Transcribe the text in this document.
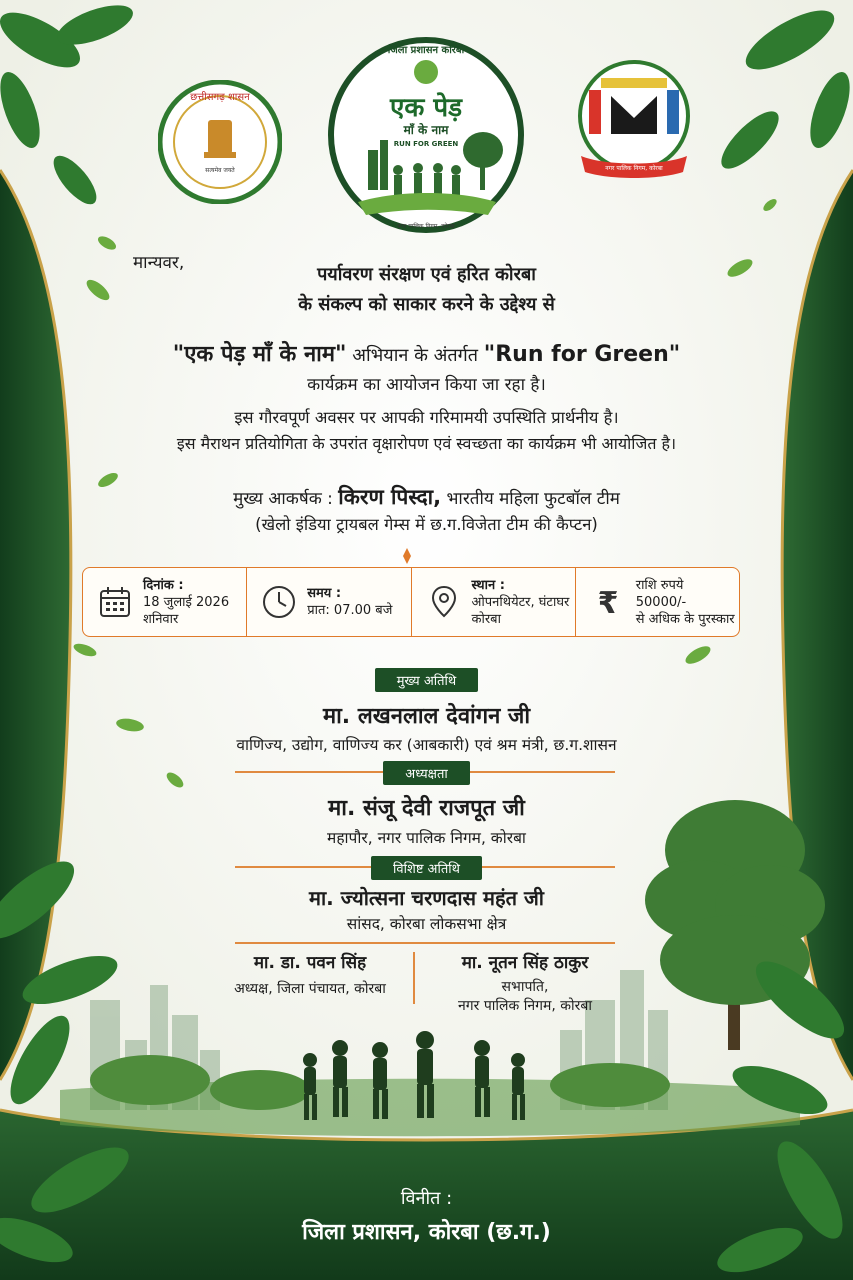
छत्तीसगढ़ शासन
सत्यमेव जयते
जिला प्रशासन कोरबा
एक पेड़
माँ के नाम
RUN FOR GREEN
नगर पालिक निगम, कोरबा
नगर पालिक निगम, कोरबा
मान्यवर,
पर्यावरण संरक्षण एवं हरित कोरबा
के संकल्प को साकार करने के उद्देश्य से
"एक पेड़ माँ के नाम" अभियान के अंतर्गत "Run for Green"
कार्यक्रम का आयोजन किया जा रहा है।
इस गौरवपूर्ण अवसर पर आपकी गरिमामयी उपस्थिति प्रार्थनीय है।
इस मैराथन प्रतियोगिता के उपरांत वृक्षारोपण एवं स्वच्छता का कार्यक्रम भी आयोजित है।
मुख्य आकर्षक : किरण पिस्दा, भारतीय महिला फुटबॉल टीम
(खेलो इंडिया ट्रायबल गेम्स में छ.ग.विजेता टीम की कैप्टन)
दिनांक :
18 जुलाई 2026
शनिवार
समय :
प्रात: 07.00 बजे
स्थान :
ओपनथियेटर, घंटाघर
कोरबा	₹
राशि रुपये
50000/-
से अधिक के पुरस्कार
मुख्य अतिथि
मा. लखनलाल देवांगन जी
वाणिज्य, उद्योग, वाणिज्य कर (आबकारी) एवं श्रम मंत्री, छ.ग.शासन
अध्यक्षता
मा. संजू देवी राजपूत जी
महापौर, नगर पालिक निगम, कोरबा
विशिष्ट अतिथि
मा. ज्योत्सना चरणदास महंत जी
सांसद, कोरबा लोकसभा क्षेत्र
मा. डा. पवन सिंह
अध्यक्ष, जिला पंचायत, कोरबा
मा. नूतन सिंह ठाकुर
सभापति,
नगर पालिक निगम, कोरबा
विनीत :
जिला प्रशासन, कोरबा (छ.ग.)
